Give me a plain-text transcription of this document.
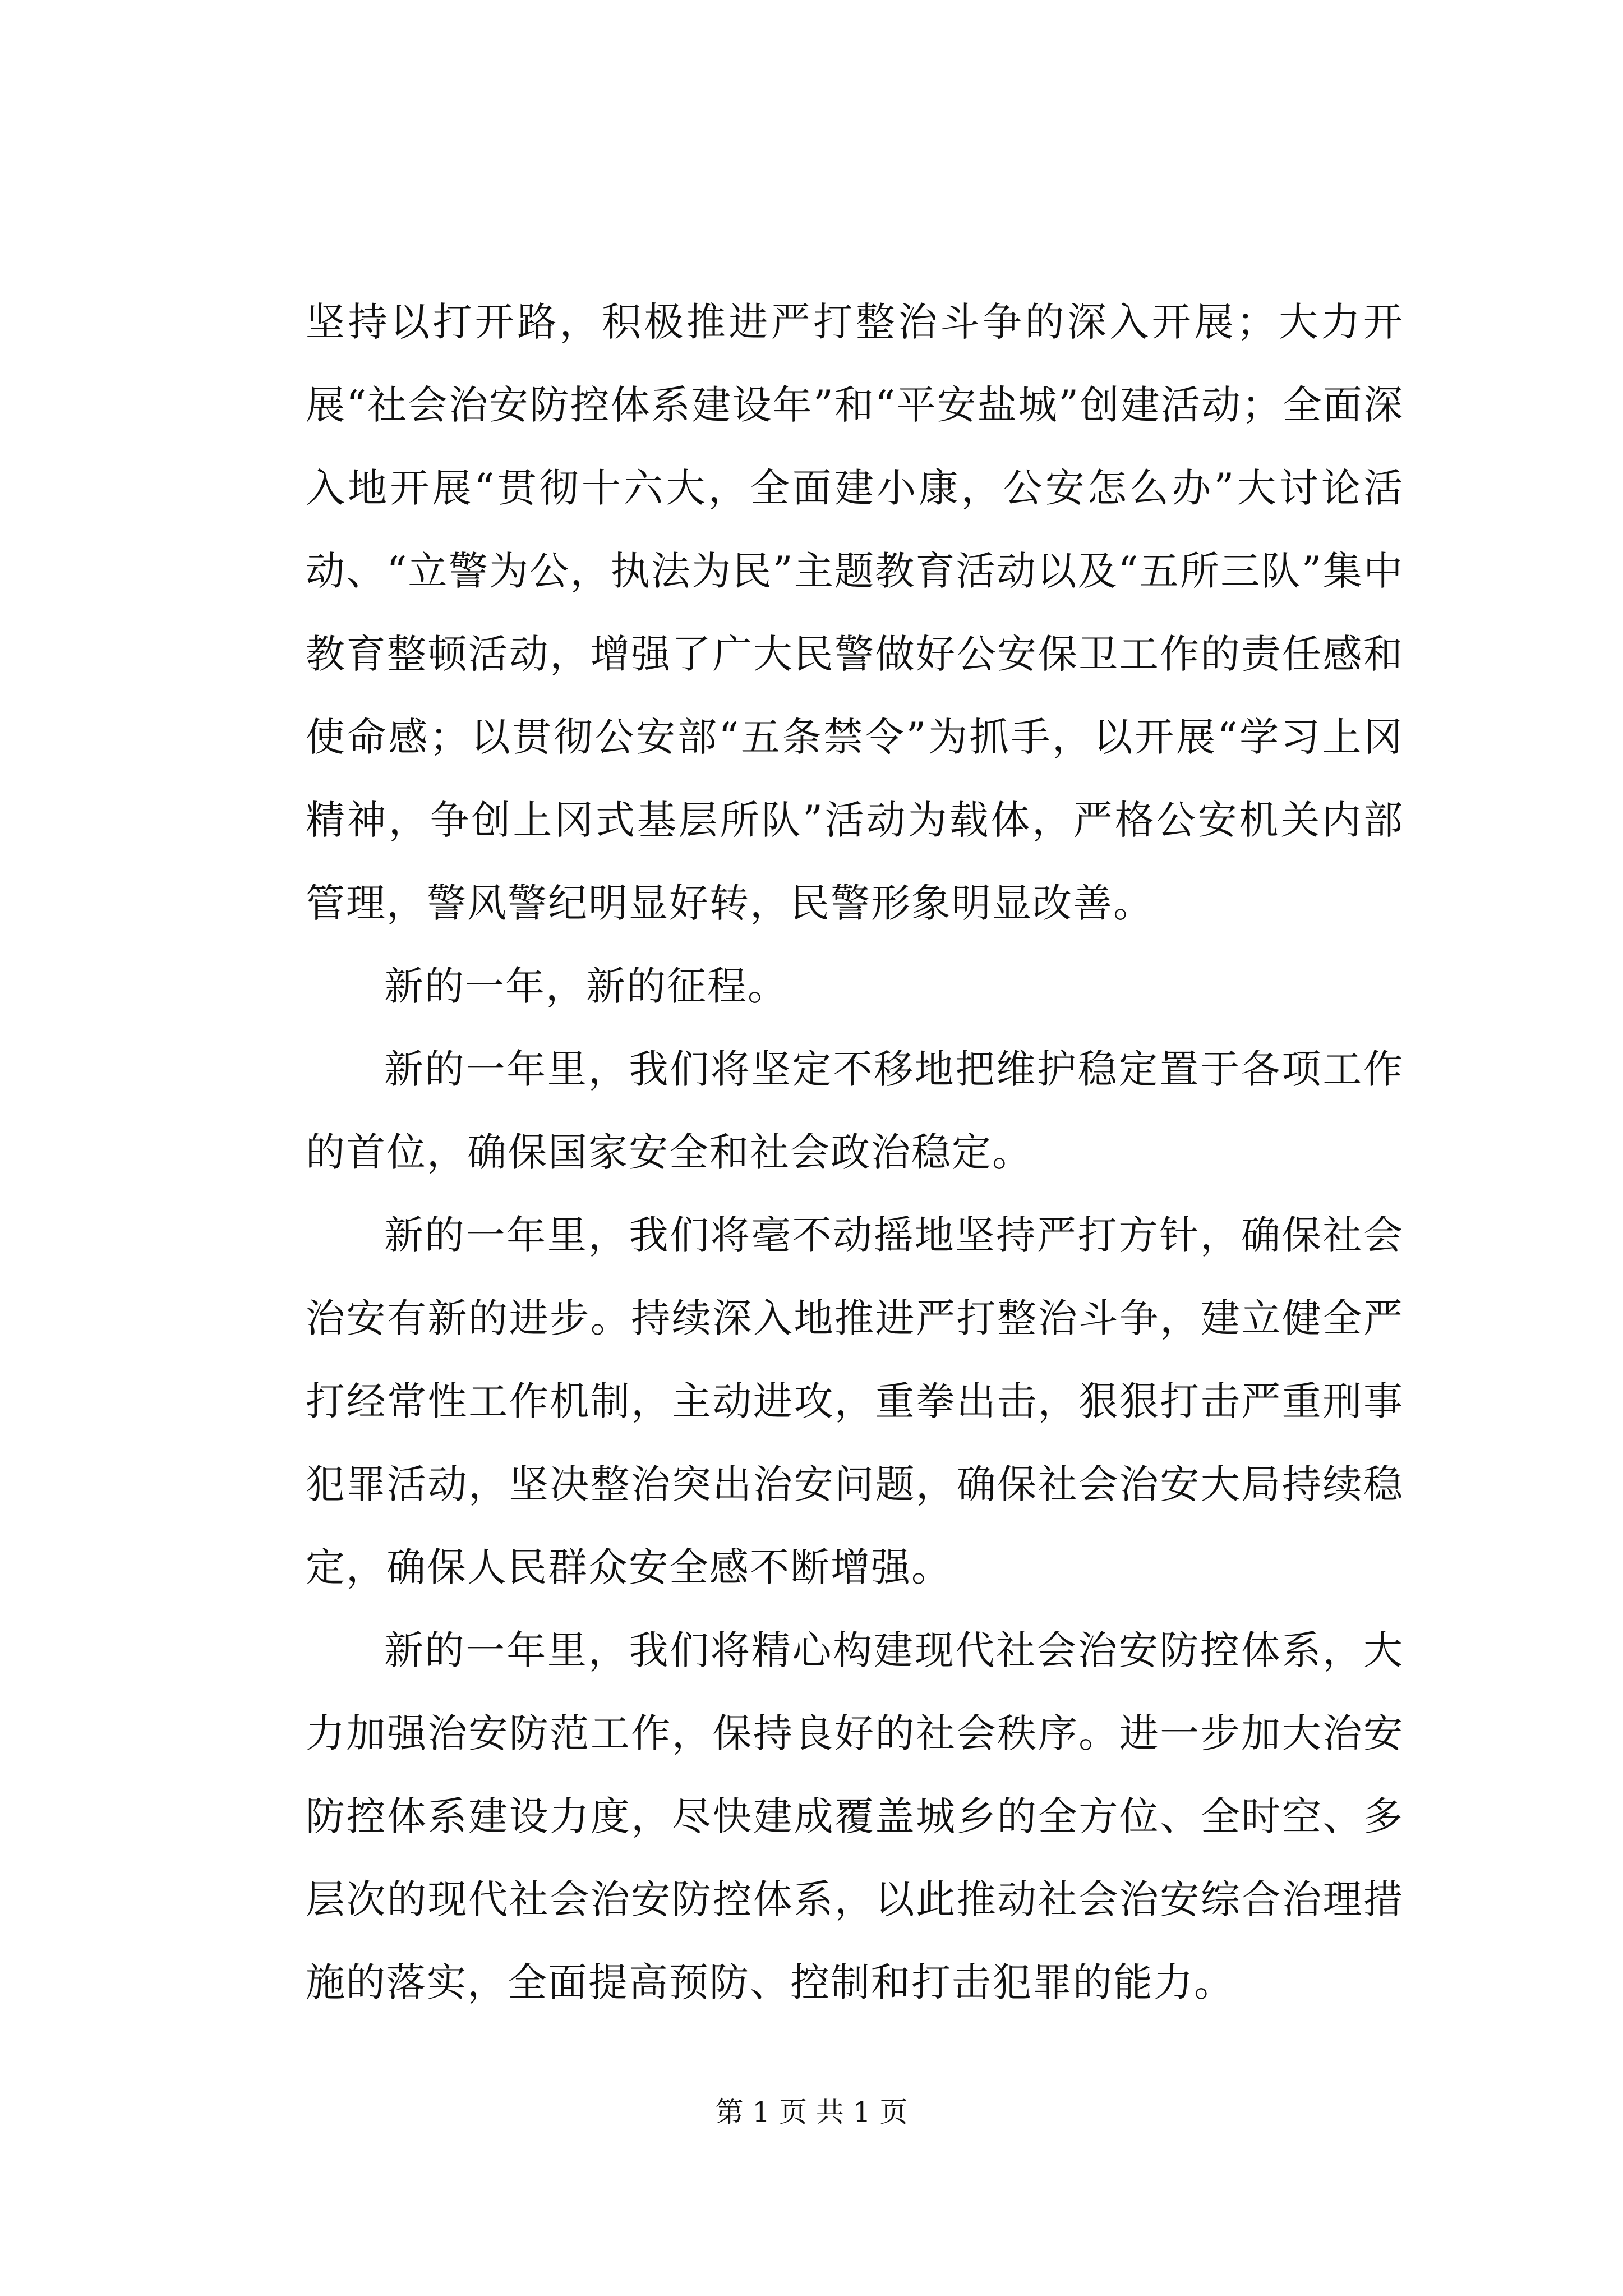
坚持以打开路，积极推进严打整治斗争的深入开展；大力开展“社会治安防控体系建设年”和“平安盐城”创建活动；全面深入地开展“贯彻十六大，全面建小康，公安怎么办”大讨论活动、“立警为公，执法为民”主题教育活动以及“五所三队”集中教育整顿活动，增强了广大民警做好公安保卫工作的责任感和使命感；以贯彻公安部“五条禁令”为抓手，以开展“学习上冈精神，争创上冈式基层所队”活动为载体，严格公安机关内部管理，警风警纪明显好转，民警形象明显改善。

新的一年，新的征程。

新的一年里，我们将坚定不移地把维护稳定置于各项工作的首位，确保国家安全和社会政治稳定。

新的一年里，我们将毫不动摇地坚持严打方针，确保社会治安有新的进步。持续深入地推进严打整治斗争，建立健全严打经常性工作机制，主动进攻，重拳出击，狠狠打击严重刑事犯罪活动，坚决整治突出治安问题，确保社会治安大局持续稳定，确保人民群众安全感不断增强。

新的一年里，我们将精心构建现代社会治安防控体系，大力加强治安防范工作，保持良好的社会秩序。进一步加大治安防控体系建设力度，尽快建成覆盖城乡的全方位、全时空、多层次的现代社会治安防控体系，以此推动社会治安综合治理措施的落实，全面提高预防、控制和打击犯罪的能力。

第 1 页 共 1 页
